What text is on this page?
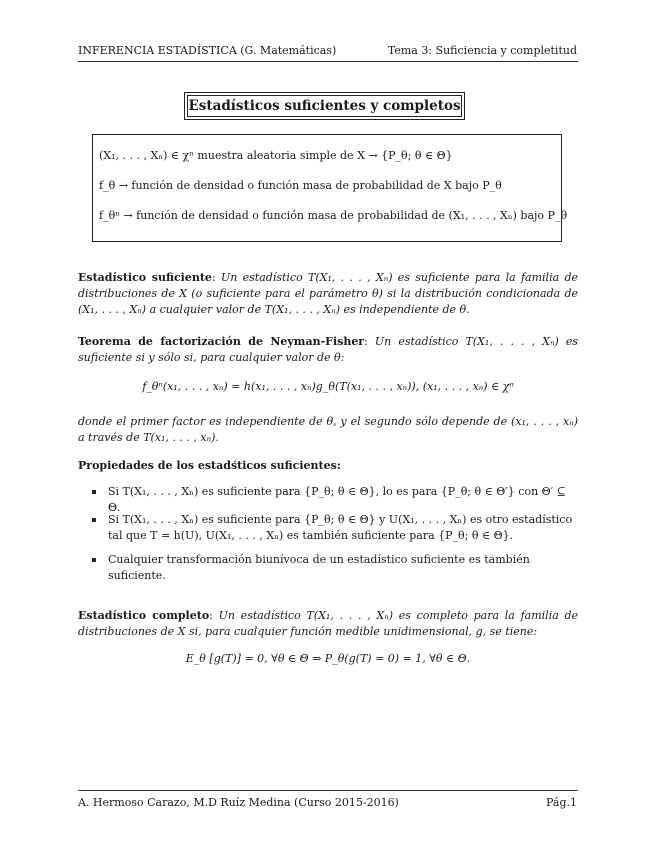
INFERENCIA ESTADÍSTICA (G. Matemáticas)	Tema 3: Suficiencia y completitud
Estadísticos suficientes y completos
(X₁, . . . , Xₙ) ∈ χⁿ muestra aleatoria simple de X → {P_θ; θ ∈ Θ}
f_θ → función de densidad o función masa de probabilidad de X bajo P_θ
f_θⁿ → función de densidad o función masa de probabilidad de (X₁, . . . , Xₙ) bajo P_θ
Estadístico suficiente: Un estadístico T(X₁, . . . , Xₙ) es suficiente para la familia de distribuciones de X (o suficiente para el parámetro θ) si la distribución condicionada de (X₁, . . . , Xₙ) a cualquier valor de T(X₁, . . . , Xₙ) es independiente de θ.
Teorema de factorización de Neyman-Fisher: Un estadístico T(X₁, . . . , Xₙ) es suficiente si y sólo si, para cualquier valor de θ:
f_θⁿ(x₁, . . . , xₙ) = h(x₁, . . . , xₙ)g_θ(T(x₁, . . . , xₙ)), (x₁, . . . , xₙ) ∈ χⁿ
donde el primer factor es independiente de θ, y el segundo sólo depende de (x₁, . . . , xₙ) a través de T(x₁, . . . , xₙ).
Propiedades de los estadśticos suficientes:
Si T(X₁, . . . , Xₙ) es suficiente para {P_θ; θ ∈ Θ}, lo es para {P_θ; θ ∈ Θ′} con Θ′ ⊆ Θ.
Si T(X₁, . . . , Xₙ) es suficiente para {P_θ; θ ∈ Θ} y U(X₁, . . . , Xₙ) es otro estadístico tal que T = h(U), U(X₁, . . . , Xₙ) es también suficiente para {P_θ; θ ∈ Θ}.
Cualquier transformación biunívoca de un estadístico suficiente es también suficiente.
Estadístico completo: Un estadístico T(X₁, . . . , Xₙ) es completo para la familia de distribuciones de X si, para cualquier función medible unidimensional, g, se tiene:
E_θ [g(T)] = 0, ∀θ ∈ Θ ⇒ P_θ(g(T) = 0) = 1, ∀θ ∈ Θ.
A. Hermoso Carazo, M.D Ruíz Medina (Curso 2015-2016)	Pág.1
